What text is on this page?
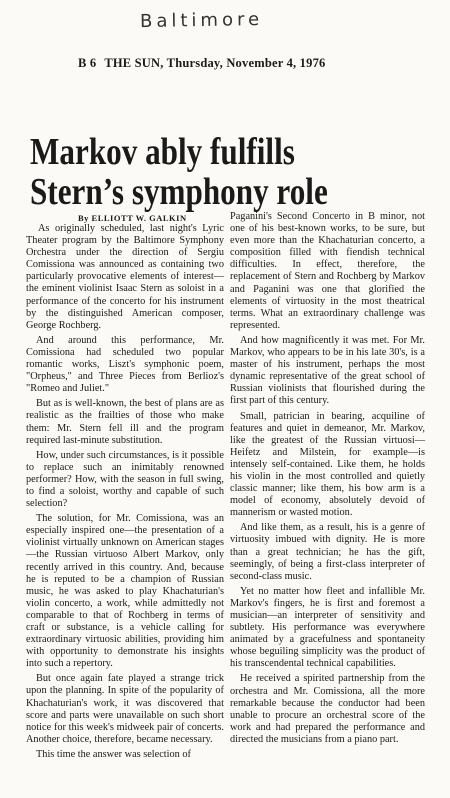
Baltimore
B 6 THE SUN, Thursday, November 4, 1976
Markov ably fulfills
Stern’s symphony role
By ELLIOTT W. GALKIN

As originally scheduled, last night's Lyric Theater program by the Baltimore Symphony Orchestra under the direction of Sergiu Comissiona was announced as containing two particularly provocative elements of interest—the eminent violinist Isaac Stern as soloist in a performance of the concerto for his instrument by the distinguished American composer, George Rochberg.

And around this performance, Mr. Comissiona had scheduled two popular romantic works, Liszt's symphonic poem, "Orpheus," and Three Pieces from Berlioz's "Romeo and Juliet."

But as is well-known, the best of plans are as realistic as the frailties of those who make them: Mr. Stern fell ill and the program required last-minute substitution.

How, under such circumstances, is it possible to replace such an inimitably renowned performer? How, with the season in full swing, to find a soloist, worthy and capable of such selection?

The solution, for Mr. Comissiona, was an especially inspired one—the presentation of a violinist virtually unknown on American stages—the Russian virtuoso Albert Markov, only recently arrived in this country. And, because he is reputed to be a champion of Russian music, he was asked to play Khachaturian's violin concerto, a work, while admittedly not comparable to that of Rochberg in terms of craft or substance, is a vehicle calling for extraordinary virtuosic abilities, providing him with opportunity to demonstrate his insights into such a repertory.

But once again fate played a strange trick upon the planning. In spite of the popularity of Khachaturian's work, it was discovered that score and parts were unavailable on such short notice for this week's midweek pair of concerts. Another choice, therefore, became necessary.

This time the answer was selection of

Paganini's Second Concerto in B minor, not one of his best-known works, to be sure, but even more than the Khachaturian concerto, a composition filled with fiendish technical difficulties. In effect, therefore, the replacement of Stern and Rochberg by Markov and Paganini was one that glorified the elements of virtuosity in the most theatrical terms. What an extraordinary challenge was represented.

And how magnificently it was met. For Mr. Markov, who appears to be in his late 30's, is a master of his instrument, perhaps the most dynamic representative of the great school of Russian violinists that flourished during the first part of this century.

Small, patrician in bearing, acquiline of features and quiet in demeanor, Mr. Markov, like the greatest of the Russian virtuosi—Heifetz and Milstein, for example—is intensely self-contained. Like them, he holds his violin in the most controlled and quietly classic manner; like them, his bow arm is a model of economy, absolutely devoid of mannerism or wasted motion.

And like them, as a result, his is a genre of virtuosity imbued with dignity. He is more than a great technician; he has the gift, seemingly, of being a first-class interpreter of second-class music.

Yet no matter how fleet and infallible Mr. Markov's fingers, he is first and foremost a musician—an interpreter of sensitivity and subtlety. His performance was everywhere animated by a gracefulness and spontaneity whose beguiling simplicity was the product of his transcendental technical capabilities.

He received a spirited partnership from the orchestra and Mr. Comissiona, all the more remarkable because the conductor had been unable to procure an orchestral score of the work and had prepared the performance and directed the musicians from a piano part.
